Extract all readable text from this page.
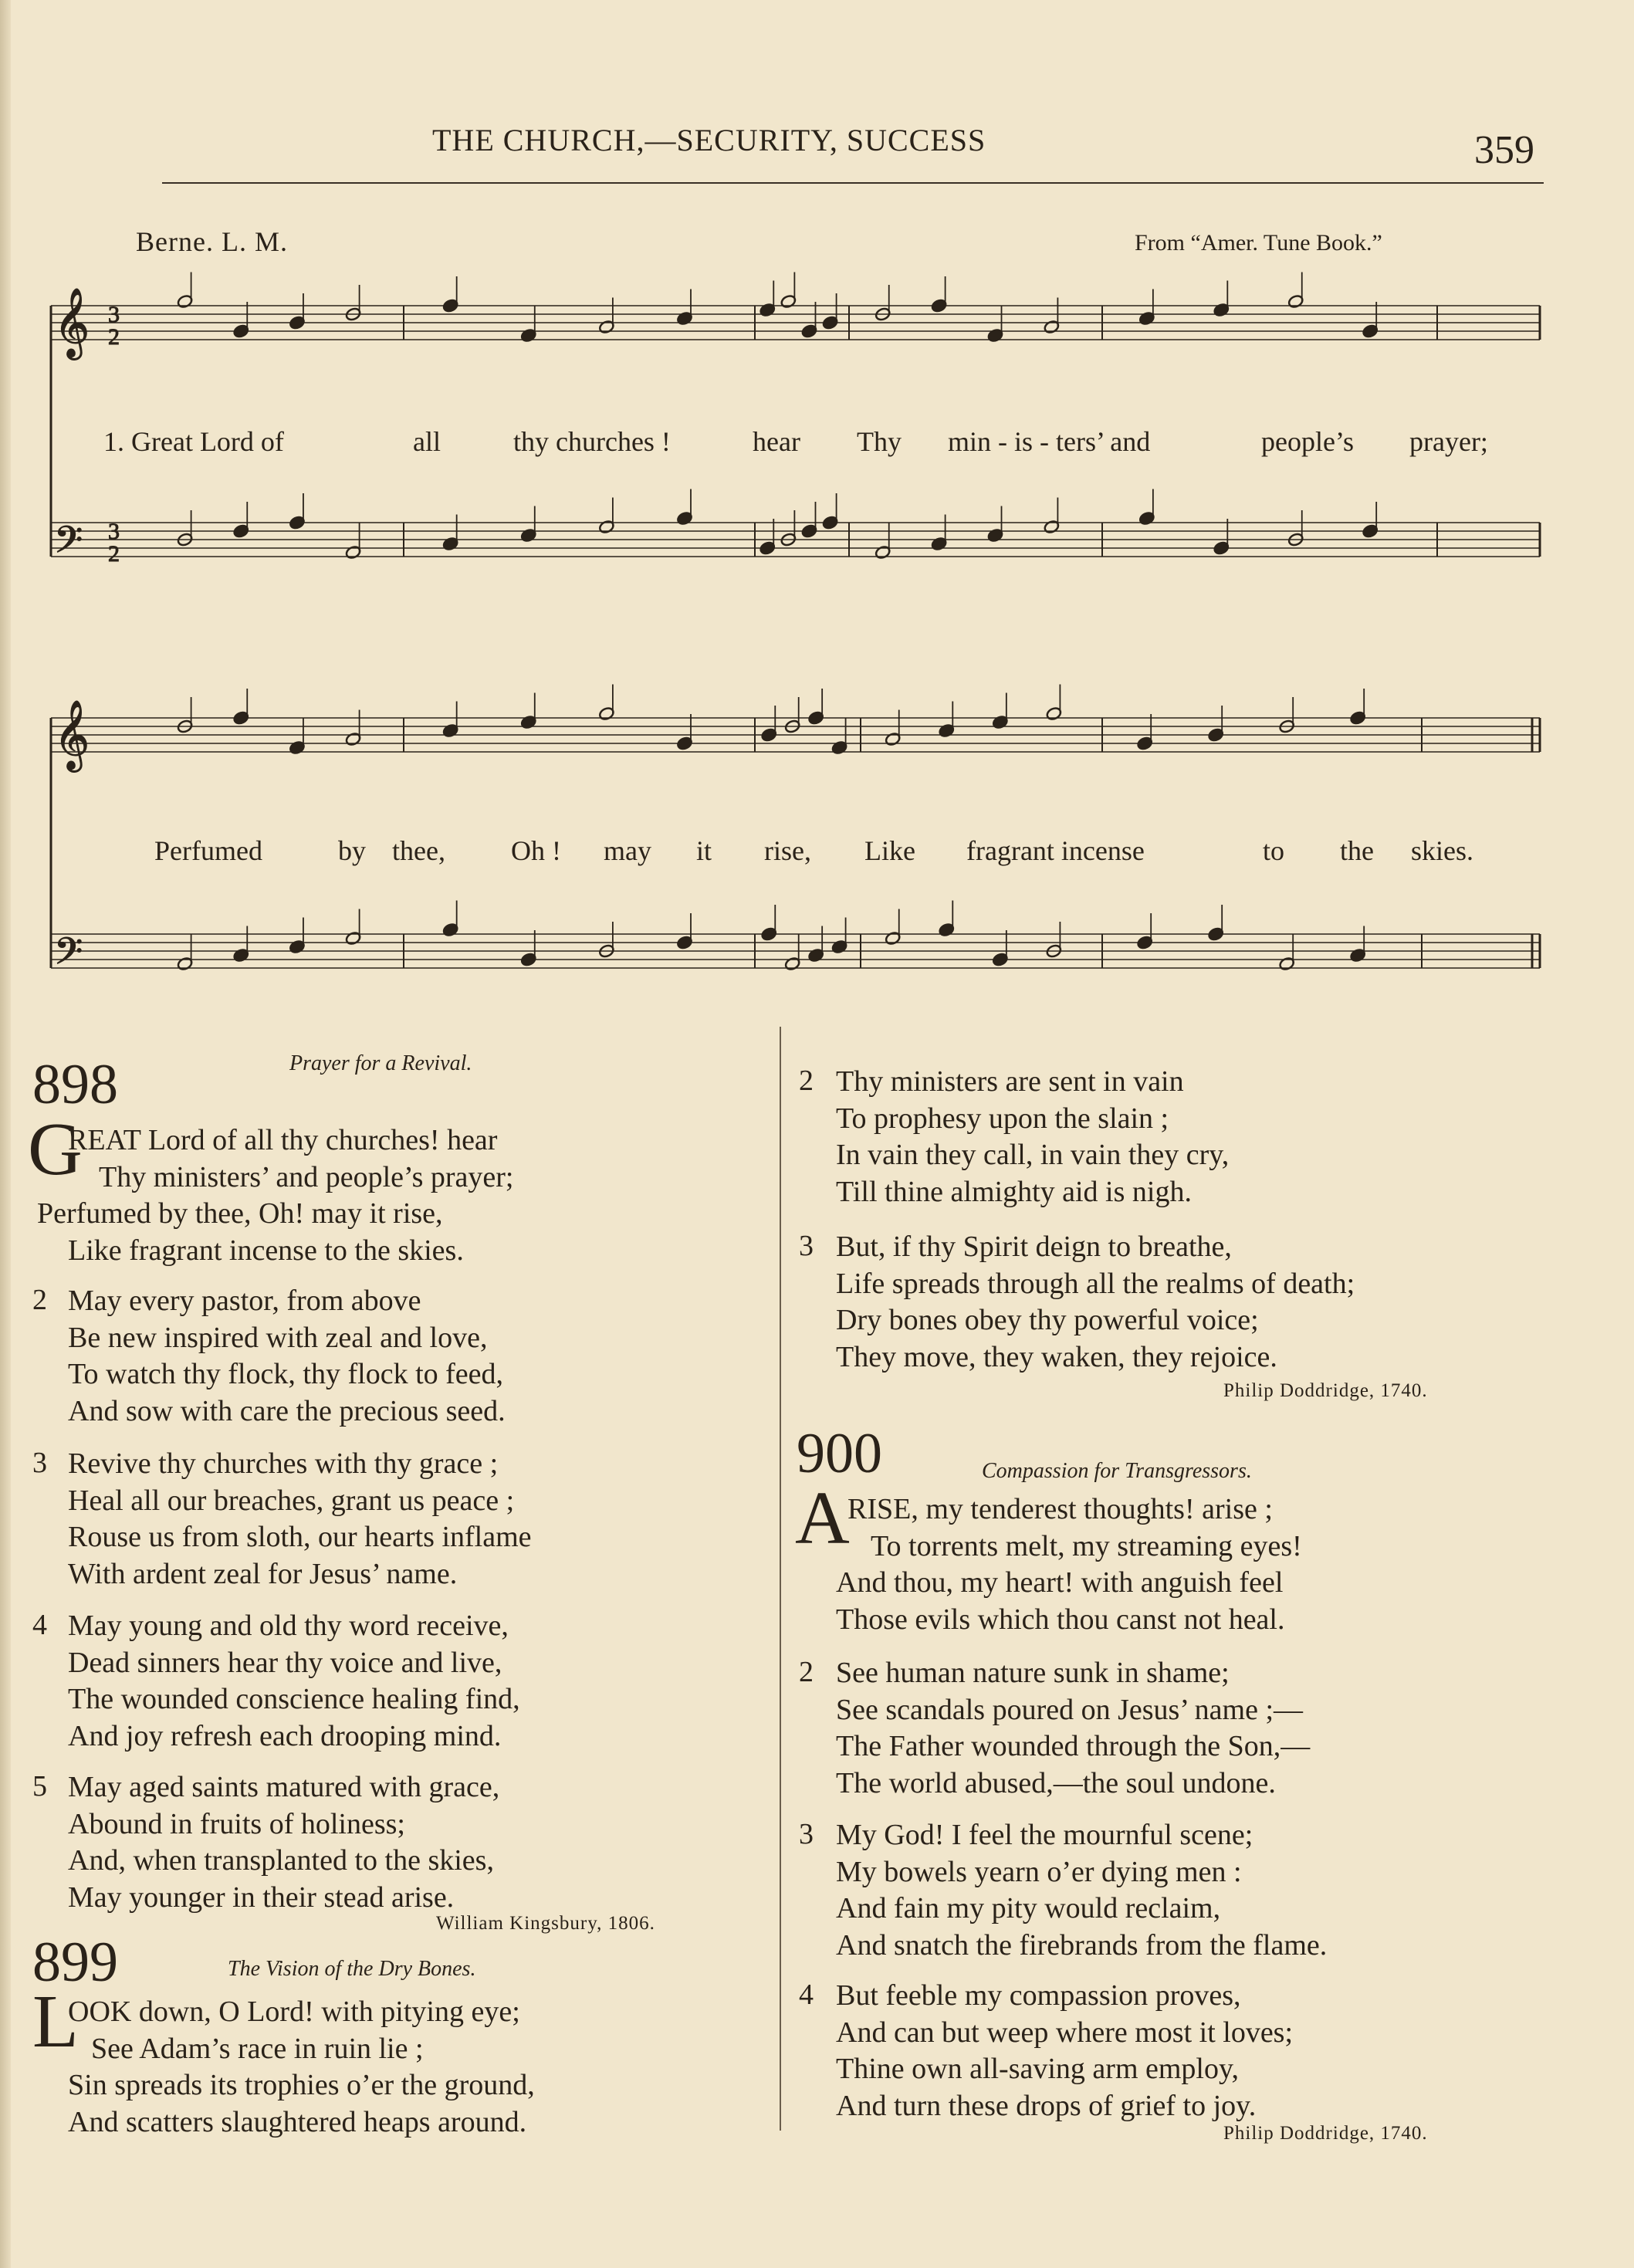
THE CHURCH,—SECURITY, SUCCESS	359
Berne. L. M.	From “Amer. Tune Book.”
𝄞 3
2
𝄢 3
2
𝄞
𝄢
1. Great Lord of	all	thy churches !	hear Thy min - is - ters’ and	people’s prayer;
Perfumed	by thee, Oh ! may it rise, Like fragrant incense	to the skies.
898	Prayer for a Revival.
G
REAT Lord of all thy churches! hear
Thy ministers’ and people’s prayer;
Perfumed by thee, Oh! may it rise,
Like fragrant incense to the skies.
2 May every pastor, from above
Be new inspired with zeal and love,
To watch thy flock, thy flock to feed,
And sow with care the precious seed.
3 Revive thy churches with thy grace ;
Heal all our breaches, grant us peace ;
Rouse us from sloth, our hearts inflame
With ardent zeal for Jesus’ name.
4 May young and old thy word receive,
Dead sinners hear thy voice and live,
The wounded conscience healing find,
And joy refresh each drooping mind.
5 May aged saints matured with grace,
Abound in fruits of holiness;
And, when transplanted to the skies,
May younger in their stead arise.
William Kingsbury, 1806.
899	The Vision of the Dry Bones.
L
OOK down, O Lord! with pitying eye;
See Adam’s race in ruin lie ;
Sin spreads its trophies o’er the ground,
And scatters slaughtered heaps around.
2 Thy ministers are sent in vain
To prophesy upon the slain ;
In vain they call, in vain they cry,
Till thine almighty aid is nigh.
3 But, if thy Spirit deign to breathe,
Life spreads through all the realms of death;
Dry bones obey thy powerful voice;
They move, they waken, they rejoice.
Philip Doddridge, 1740.
900	Compassion for Transgressors.
A
RISE, my tenderest thoughts! arise ;
To torrents melt, my streaming eyes!
And thou, my heart! with anguish feel
Those evils which thou canst not heal.
2 See human nature sunk in shame;
See scandals poured on Jesus’ name ;—
The Father wounded through the Son,—
The world abused,—the soul undone.
3 My God! I feel the mournful scene;
My bowels yearn o’er dying men :
And fain my pity would reclaim,
And snatch the firebrands from the flame.
4 But feeble my compassion proves,
And can but weep where most it loves;
Thine own all-saving arm employ,
And turn these drops of grief to joy.
Philip Doddridge, 1740.
